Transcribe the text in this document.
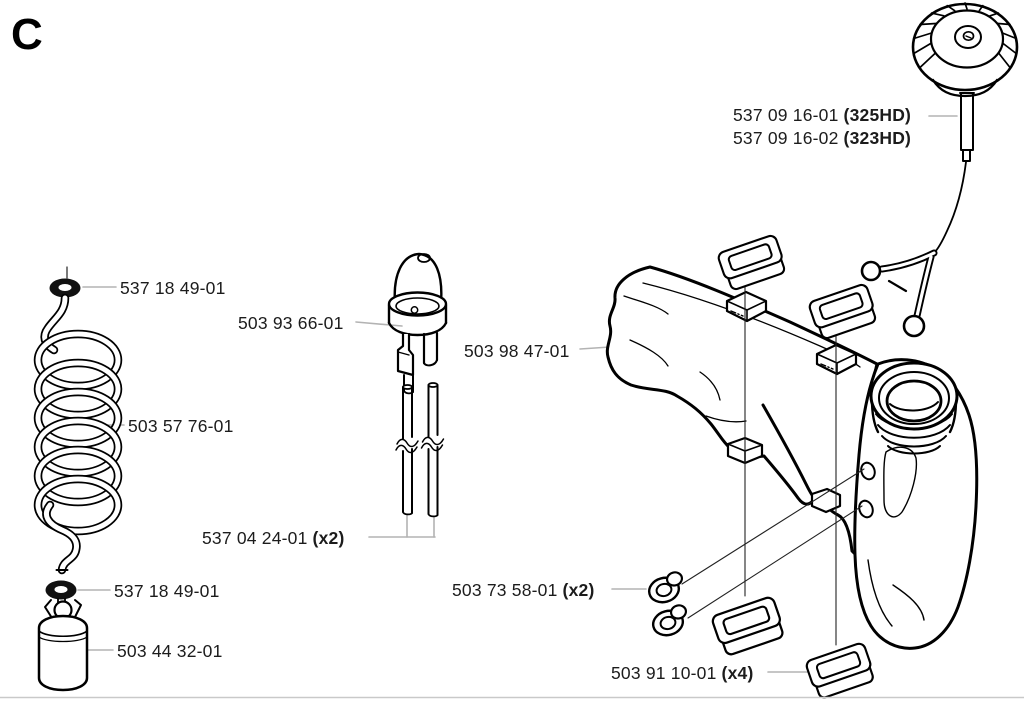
C
537 09 16-01 (325HD)
537 09 16-02 (323HD)
537 18 49-01
503 93 66-01
503 57 76-01
503 98 47-01
537 04 24-01 (x2)
537 18 49-01	503 73 58-01 (x2)
503 44 32-01
503 91 10-01 (x4)
